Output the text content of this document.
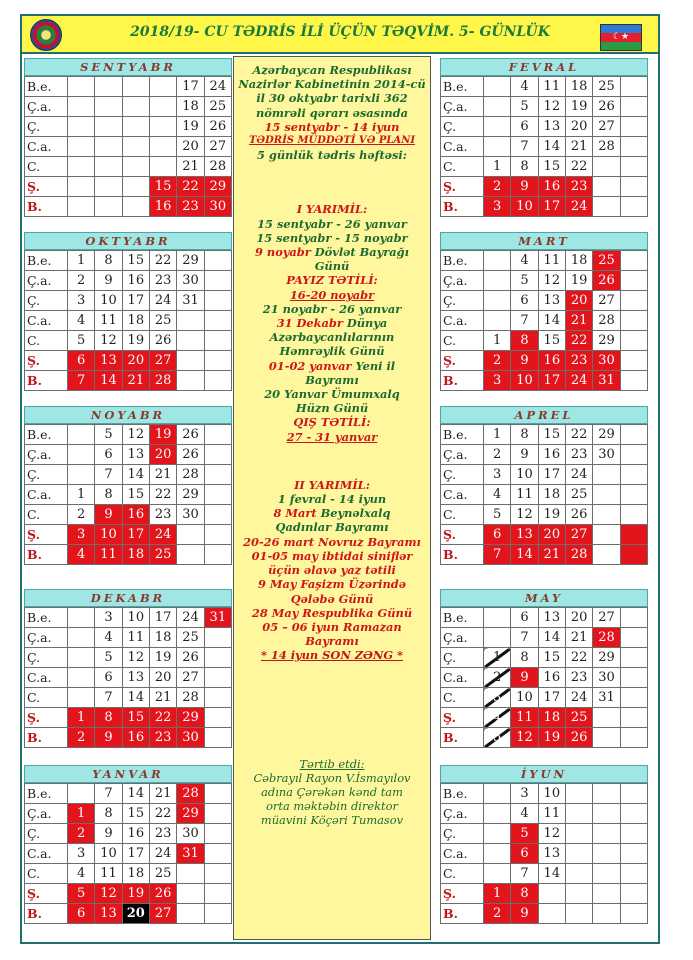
2018/19- CU TƏDRİS İLİ ÜÇÜN TƏQVİM. 5- GÜNLÜK	☾★
SENTYABR
B.e.					17	24
Ç.a.					18	25
Ç.					19	26
C.a.					20	27
C.					21	28
Ş.				15	22	29
B.				16	23	30
OKTYABR
B.e.	1	8	15	22	29	
Ç.a.	2	9	16	23	30	
Ç.	3	10	17	24	31	
C.a.	4	11	18	25		
C.	5	12	19	26		
Ş.	6	13	20	27		
B.	7	14	21	28		
NOYABR
B.e.		5	12	19	26	
Ç.a.		6	13	20	26	
Ç.		7	14	21	28	
C.a.	1	8	15	22	29	
C.	2	9	16	23	30	
Ş.	3	10	17	24		
B.	4	11	18	25		
DEKABR
B.e.		3	10	17	24	31
Ç.a.		4	11	18	25	
Ç.		5	12	19	26	
C.a.		6	13	20	27	
C.		7	14	21	28	
Ş.	1	8	15	22	29	
B.	2	9	16	23	30	
YANVAR
B.e.		7	14	21	28	
Ç.a.	1	8	15	22	29	
Ç.	2	9	16	23	30	
C.a.	3	10	17	24	31	
C.	4	11	18	25		
Ş.	5	12	19	26		
B.	6	13	20	27		
FEVRAL
B.e.		4	11	18	25	
Ç.a.		5	12	19	26	
Ç.		6	13	20	27	
C.a.		7	14	21	28	
C.	1	8	15	22		
Ş.	2	9	16	23		
B.	3	10	17	24		
MART
B.e.		4	11	18	25	
Ç.a.		5	12	19	26	
Ç.		6	13	20	27	
C.a.		7	14	21	28	
C.	1	8	15	22	29	
Ş.	2	9	16	23	30	
B.	3	10	17	24	31	
APREL
B.e.	1	8	15	22	29	
Ç.a.	2	9	16	23	30	
Ç.	3	10	17	24		
C.a.	4	11	18	25		
C.	5	12	19	26		
Ş.	6	13	20	27		
B.	7	14	21	28		
MAY
B.e.		6	13	20	27	
Ç.a.		7	14	21	28	
Ç.	1	8	15	22	29	
C.a.	2	9	16	23	30	
C.	3	10	17	24	31	
Ş.	4	11	18	25		
B.	5	12	19	26		
İYUN
B.e.		3	10			
Ç.a.		4	11			
Ç.		5	12			
C.a.		6	13			
C.		7	14			
Ş.	1	8				
B.	2	9				

Azərbaycan Respublikası

Nazirlər Kabinetinin 2014-cü

il 30 oktyabr tarixli 362

nömrəli qərarı əsasında

15 sentyabr - 14 iyun

TƏDRİS MÜDDƏTİ VƏ PLANI

5 günlük tədris həftəsi:

I YARIMİL:

15 sentyabr - 26 yanvar

15 sentyabr - 15 noyabr

9 noyabr Dövlət Bayrağı

Günü

PAYIZ TƏTİLİ:

16-20 noyabr

21 noyabr - 26 yanvar

31 Dekabr Dünya

Azərbaycanlılarının

Həmrəylik Günü

01-02 yanvar Yeni il

Bayramı

20 Yanvar Ümumxalq

Hüzn Günü

QIŞ TƏTİLİ:

27 - 31 yanvar

II YARIMİL:

1 fevral - 14 iyun

8 Mart Beynəlxalq

Qadınlar Bayramı

20-26 mart Novruz Bayramı

01-05 may ibtidai siniflər

üçün əlavə yaz tətili

9 May Faşizm Üzərində

Qələbə Günü

28 May Respublika Günü

05 – 06 iyun Ramazan

Bayramı

* 14 iyun SON ZƏNG *

Tərtib etdi:

Cəbrayıl Rayon V.İsmayılov

adına Çərəkən kənd tam

orta məktəbin direktor

müavini Köçəri Tumasov
